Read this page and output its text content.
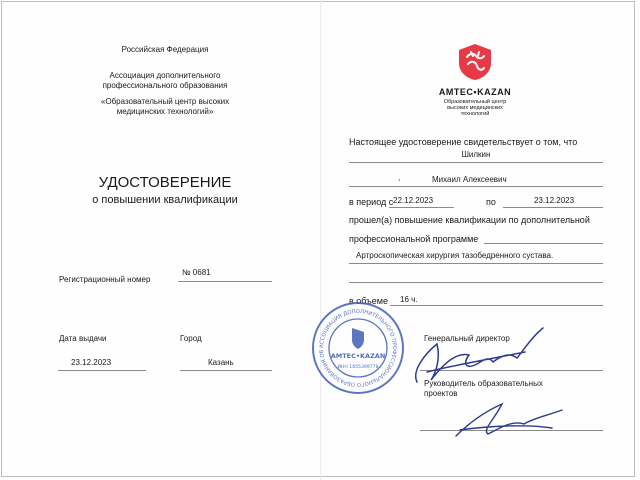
Российская Федерация
Ассоциация дополнительного
профессионального образования
«Образовательный центр высоких
медицинских технологий»
УДОСТОВЕРЕНИЕ
о повышении квалификации
Регистрационный номер
№ 0681
Дата выдачи	Город
23.12.2023	Казань
АМТЕС•KAZAN
Образовательный центр
высоких медицинских
технологий
Настоящее удостоверение свидетельствует о том, что
Шилкин
,	Михаил Алексеевич
в период с 22.12.2023	по	23.12.2023
прошел(а) повышение квалификации по дополнительной
профессиональной программе
Артроскопическая хирургия тазобедренного сустава.
в объеме 16 ч.
Генеральный директор
Руководитель образовательных
проектов
АССОЦИАЦИЯ ДОПОЛНИТЕЛЬНОГО ПРОФЕССИОНАЛЬНОГО ОБРАЗОВАНИЯ ОБРАЗОВАТЕЛЬНЫЙ ЦЕНТР ВЫСОКИХ МЕДИЦИНСКИХ ТЕХНОЛОГИЙ
АМТЕС•KAZAN
ИНН 1655399778
